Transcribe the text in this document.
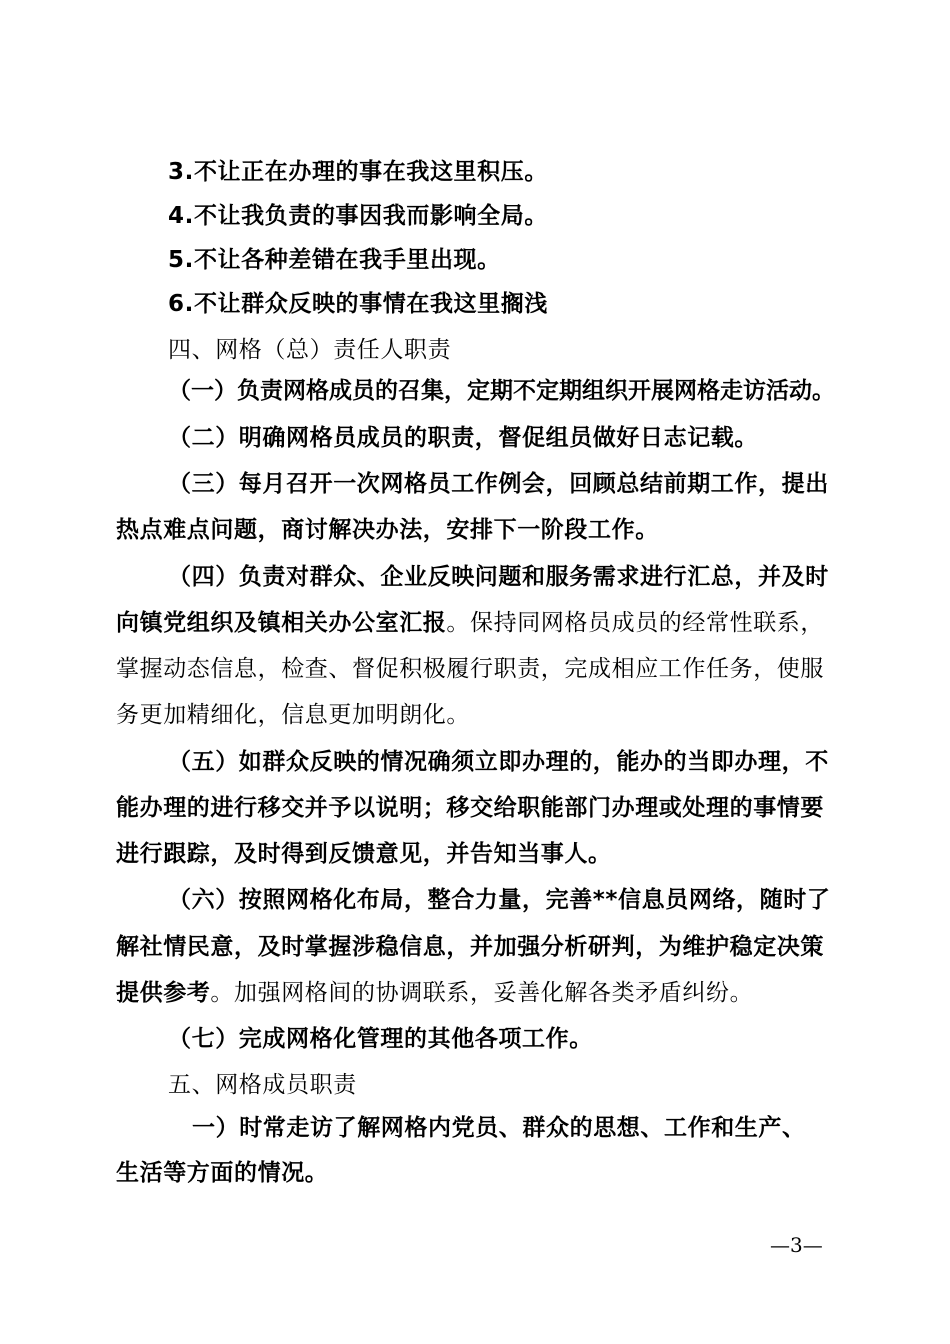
3.不让正在办理的事在我这里积压。
4.不让我负责的事因我而影响全局。
5.不让各种差错在我手里出现。
6.不让群众反映的事情在我这里搁浅
四、网格（总）责任人职责
（一）负责网格成员的召集，定期不定期组织开展网格走访活动。
（二）明确网格员成员的职责，督促组员做好日志记载。
（三）每月召开一次网格员工作例会，回顾总结前期工作，提出
热点难点问题，商讨解决办法，安排下一阶段工作。
（四）负责对群众、企业反映问题和服务需求进行汇总，并及时
向镇党组织及镇相关办公室汇报。保持同网格员成员的经常性联系，
掌握动态信息，检查、督促积极履行职责，完成相应工作任务，使服
务更加精细化，信息更加明朗化。
（五）如群众反映的情况确须立即办理的，能办的当即办理，不
能办理的进行移交并予以说明；移交给职能部门办理或处理的事情要
进行跟踪，及时得到反馈意见，并告知当事人。
（六）按照网格化布局，整合力量，完善**信息员网络，随时了
解社情民意，及时掌握涉稳信息，并加强分析研判，为维护稳定决策
提供参考。加强网格间的协调联系，妥善化解各类矛盾纠纷。
（七）完成网格化管理的其他各项工作。
五、网格成员职责
一）时常走访了解网格内党员、群众的思想、工作和生产、
生活等方面的情况。
—3—
